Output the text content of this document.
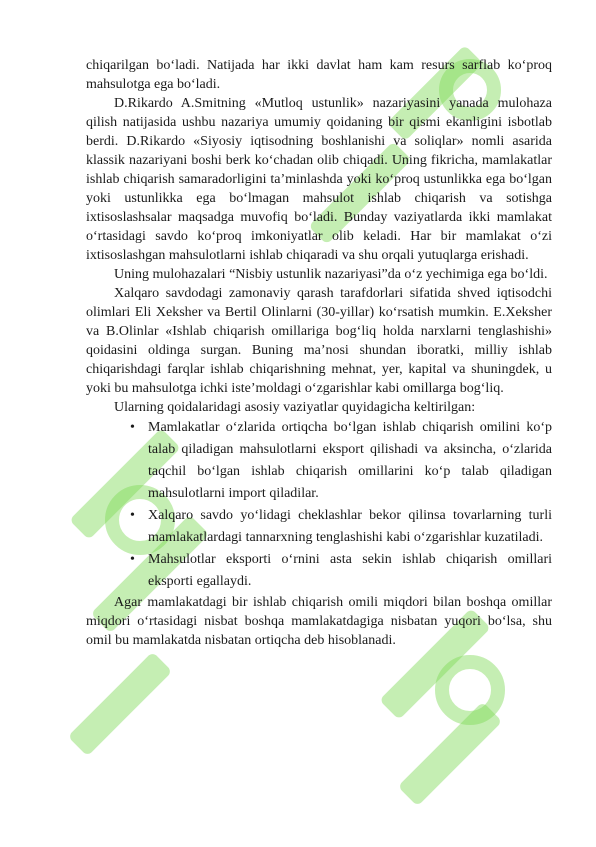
chiqarilgan bo‘ladi. Natijada har ikki davlat ham kam resurs sarflab ko‘proq mahsulotga ega bo‘ladi.

D.Rikardo A.Smitning «Mutloq ustunlik» nazariyasini yanada mulohaza qilish natijasida ushbu nazariya umumiy qoidaning bir qismi ekanligini isbotlab berdi. D.Rikardo «Siyosiy iqtisodning boshlanishi va soliqlar» nomli asarida klassik nazariyani boshi berk ko‘chadan olib chiqadi. Uning fikricha, mamlakatlar ishlab chiqarish samaradorligini ta’minlashda yoki ko‘proq ustunlikka ega bo‘lgan yoki ustunlikka ega bo‘lmagan mahsulot ishlab chiqarish va sotishga ixtisoslashsalar maqsadga muvofiq bo‘ladi. Bunday vaziyatlarda ikki mamlakat o‘rtasidagi savdo ko‘proq imkoniyatlar olib keladi. Har bir mamlakat o‘zi ixtisoslashgan mahsulotlarni ishlab chiqaradi va shu orqali yutuqlarga erishadi.

Uning mulohazalari “Nisbiy ustunlik nazariyasi”da o‘z yechimiga ega bo‘ldi.

Xalqaro savdodagi zamonaviy qarash tarafdorlari sifatida shved iqtisodchi olimlari Eli Xeksher va Bertil Olinlarni (30-yillar) ko‘rsatish mumkin. E.Xeksher va B.Olinlar «Ishlab chiqarish omillariga bog‘liq holda narxlarni tenglashishi» qoidasini oldinga surgan. Buning ma’nosi shundan iboratki, milliy ishlab chiqarishdagi farqlar ishlab chiqarishning mehnat, yer, kapital va shuningdek, u yoki bu mahsulotga ichki iste’moldagi o‘zgarishlar kabi omillarga bog‘liq.

Ularning qoidalaridagi asosiy vaziyatlar quyidagicha keltirilgan:

• Mamlakatlar o‘zlarida ortiqcha bo‘lgan ishlab chiqarish omilini ko‘p talab qiladigan mahsulotlarni eksport qilishadi va aksincha, o‘zlarida taqchil bo‘lgan ishlab chiqarish omillarini ko‘p talab qiladigan mahsulotlarni import qiladilar.
• Xalqaro savdo yo‘lidagi cheklashlar bekor qilinsa tovarlarning turli mamlakatlardagi tannarxning tenglashishi kabi o‘zgarishlar kuzatiladi.
• Mahsulotlar eksporti o‘rnini asta sekin ishlab chiqarish omillari eksporti egallaydi.

Agar mamlakatdagi bir ishlab chiqarish omili miqdori bilan boshqa omillar miqdori o‘rtasidagi nisbat boshqa mamlakatdagiga nisbatan yuqori bo‘lsa, shu omil bu mamlakatda nisbatan ortiqcha deb hisoblanadi.
